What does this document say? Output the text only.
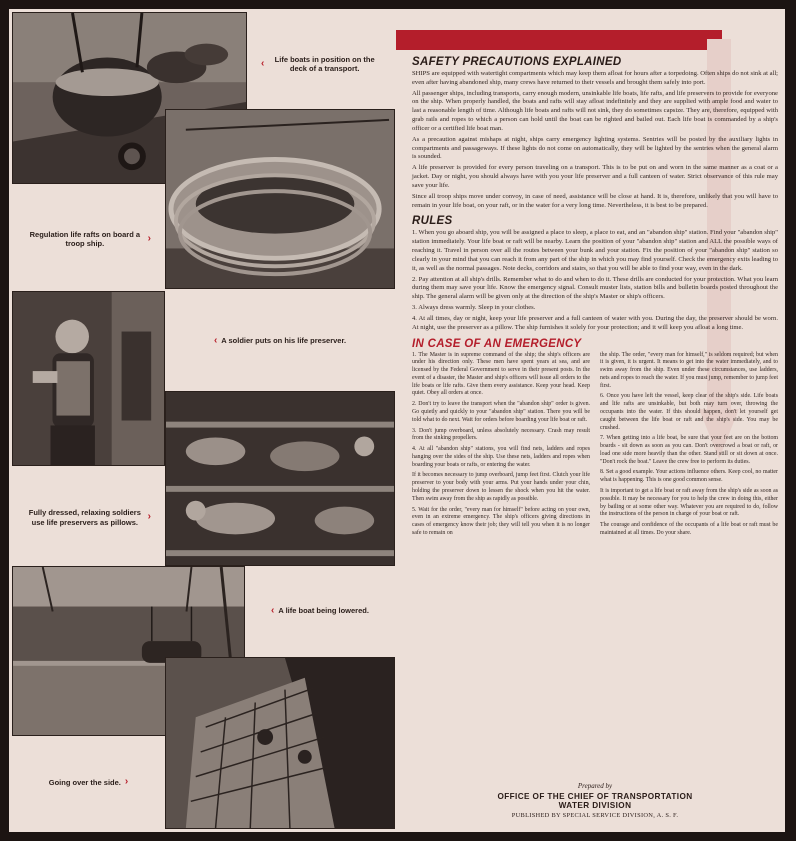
‹	Life boats in position on the deck of a transport.
Regulation life rafts on board a troop ship.	›
‹ A soldier puts on his life preserver.
Fully dressed, relaxing soldiers use life preservers as pillows. ›
‹ A life boat being lowered.
Going over the side. ›
SAFETY PRECAUTIONS EXPLAINED

SHIPS are equipped with watertight compartments which may keep them afloat for hours after a torpedoing. Often ships do not sink at all; even after having abandoned ship, many crews have returned to their vessels and brought them safely into port.

All passenger ships, including transports, carry enough modern, unsinkable life boats, life rafts, and life preservers to provide for everyone on the ship. When properly handled, the boats and rafts will stay afloat indefinitely and they are supplied with ample food and water to last a reasonable length of time. Although life boats and rafts will not sink, they do sometimes capsize. They are, therefore, equipped with grab rails and ropes to which a person can hold until the boat can be righted and bailed out. Each life boat is commanded by a ship's officer or a certified life boat man.

As a precaution against mishaps at night, ships carry emergency lighting systems. Sentries will be posted by the auxiliary lights in compartments and passageways. If these lights do not come on automatically, they will be lighted by the sentries when the general alarm is sounded.

A life preserver is provided for every person traveling on a transport. This is to be put on and worn in the same manner as a coat or a jacket. Day or night, you should always have with you your life preserver and a full canteen of water. Strict observance of this rule may save your life.

Since all troop ships move under convoy, in case of need, assistance will be close at hand. It is, therefore, unlikely that you will have to remain in your life boat, on your raft, or in the water for a very long time. Nevertheless, it is best to be prepared.

RULES

1. When you go aboard ship, you will be assigned a place to sleep, a place to eat, and an "abandon ship" station. Find your "abandon ship" station immediately. Your life boat or raft will be nearby. Learn the position of your "abandon ship" station and ALL the possible ways of reaching it. Travel in person over all the routes between your bunk and your station. Fix the position of your "abandon ship" station so clearly in your mind that you can reach it from any part of the ship in which you may find yourself. Check the emergency exits leading to it, as well as the normal passages. Note decks, corridors and stairs, so that you will be able to find your way, even in the dark.

2. Pay attention at all ship's drills. Remember what to do and when to do it. These drills are conducted for your protection. What you learn during them may save your life. Know the emergency signal. Consult muster lists, station bills and bulletin boards posted throughout the ship. The general alarm will be given only at the direction of the ship's Master or ship's officers.

3. Always dress warmly. Sleep in your clothes.

4. At all times, day or night, keep your life preserver and a full canteen of water with you. During the day, the preserver should be worn. At night, use the preserver as a pillow. The ship furnishes it solely for your protection; and it will keep you afloat a long time.

IN CASE OF AN EMERGENCY

1. The Master is in supreme command of the ship; the ship's officers are under his direction only. These men have spent years at sea, and are licensed by the Federal Government to serve in their present posts. In the event of a disaster, the Master and ship's officers will issue all orders to the life boats or life rafts. Give them every assistance. Keep your head. Keep quiet. Obey all orders at once.

2. Don't try to leave the transport when the "abandon ship" order is given. Go quietly and quickly to your "abandon ship" station. There you will be told what to do next. Wait for orders before boarding your life boat or raft.

3. Don't jump overboard, unless absolutely necessary. Crash may result from the sinking propellers.

4. At all "abandon ship" stations, you will find nets, ladders and ropes hanging over the sides of the ship. Use these nets, ladders and ropes when boarding your boats or rafts, or entering the water.

If it becomes necessary to jump overboard, jump feet first. Clutch your life preserver to your body with your arms. Put your hands under your chin, holding the preserver down to lessen the shock when you hit the water. Then swim away from the ship as rapidly as possible.

5. Wait for the order, "every man for himself" before acting on your own, even in an extreme emergency. The ship's officers giving directions in cases of emergency know their job; they will tell you when it is no longer safe to remain on

the ship. The order, "every man for himself," is seldom required; but when it is given, it is urgent. It means to get into the water immediately, and to swim away from the ship. Even under these circumstances, use ladders, nets and ropes to reach the water. If you must jump, remember to jump feet first.

6. Once you have left the vessel, keep clear of the ship's side. Life boats and life rafts are unsinkable, but both may turn over, throwing the occupants into the water. If this should happen, don't let yourself get caught between the life boat or raft and the ship's side. You may be crushed.

7. When getting into a life boat, be sure that your feet are on the bottom boards - sit down as soon as you can. Don't overcrowd a boat or raft, or load one side more heavily than the other. Stand still or sit down at once. "Don't rock the boat." Leave the crew free to perform its duties.

8. Set a good example. Your actions influence others. Keep cool, no matter what is happening. This is one good common sense.

It is important to get a life boat or raft away from the ship's side as soon as possible. It may be necessary for you to help the crew in doing this, either by bailing or at some other way. Whatever you are required to do, follow the instructions of the person in charge of your boat or raft.

The courage and confidence of the occupants of a life boat or raft must be maintained at all times. Do your share.

Prepared by
OFFICE OF THE CHIEF OF TRANSPORTATION
WATER DIVISION
PUBLISHED BY SPECIAL SERVICE DIVISION, A. S. F.
